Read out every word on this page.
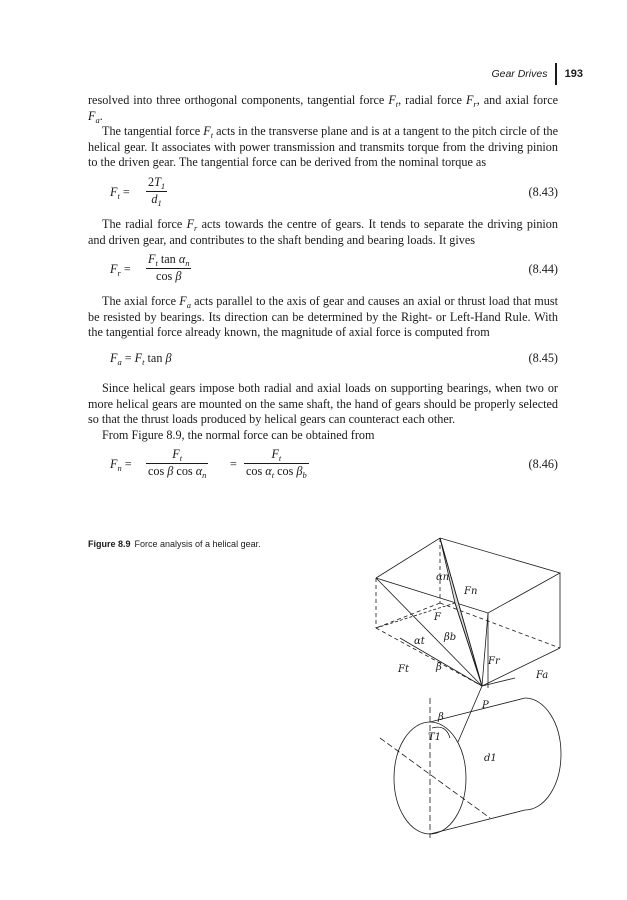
Gear Drives 193

resolved into three orthogonal components, tangential force $F_t$, radial force $F_r$, and axial force $F_a$.

The tangential force $F_t$ acts in the transverse plane and is at a tangent to the pitch circle of the helical gear. It associates with power transmission and transmits torque from the driving pinion to the driven gear. The tangential force can be derived from the nominal torque as

$F_t$ =
$2T_1$
$d_1$
(8.43)

The radial force $F_r$ acts towards the centre of gears. It tends to separate the driving pinion and driven gear, and contributes to the shaft bending and bearing loads. It gives

$F_r$ =
$F_t$ $\tan \alpha_n$
cos β	(8.44)

The axial force $F_a$ acts parallel to the axis of gear and causes an axial or thrust load that must be resisted by bearings. Its direction can be determined by the Right- or Left-Hand Rule. With the tangential force already known, the magnitude of axial force is computed from

$F_a = F_t$ tan β	(8.45)

Since helical gears impose both radial and axial loads on supporting bearings, when two or more helical gears are mounted on the same shaft, the hand of gears should be properly selected so that the thrust loads produced by helical gears can counteract each other.

From Figure 8.9, the normal force can be obtained from

$F_n$ =
$F_t$
cos β $\cos \alpha_n$
=
$F_t$
$\cos \alpha_t$ $\cos \beta_b$
(8.46)
Figure 8.9 Force analysis of a helical gear.
αn
Fn
F
βb
αt
β
Ft
Fr
Fa
P
β
T1
d1
